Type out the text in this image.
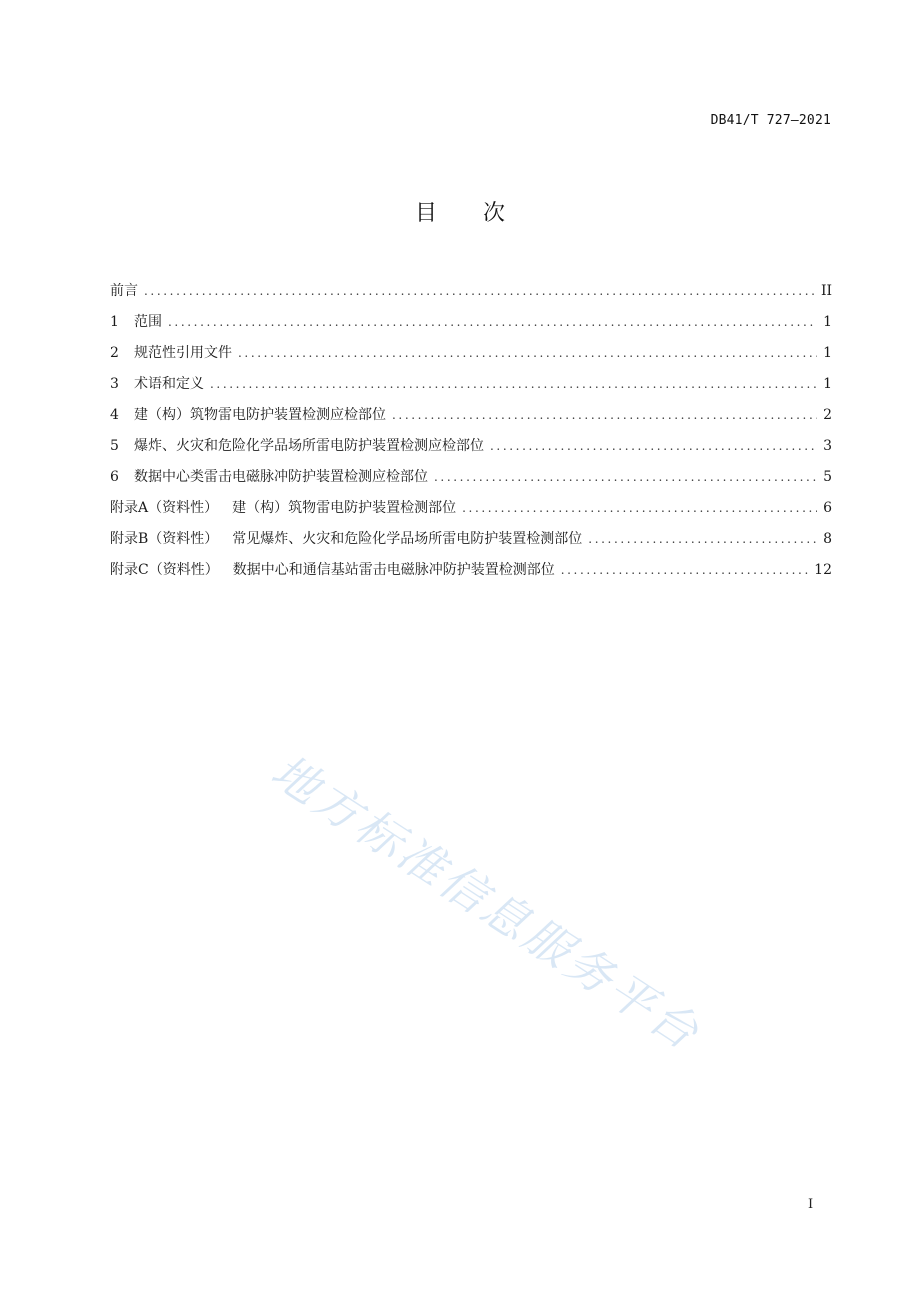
DB41/T 727—2021
目次
前言 .....	II
1	范围 .....	1
2	规范性引用文件 .....	1
3	术语和定义 .....	1
4	建（构）筑物雷电防护装置检测应检部位 .....	2
5	爆炸、火灾和危险化学品场所雷电防护装置检测应检部位 .....	3
6	数据中心类雷击电磁脉冲防护装置检测应检部位 .....	5
附录A（资料性） 建（构）筑物雷电防护装置检测部位 .....	6
附录B（资料性） 常见爆炸、火灾和危险化学品场所雷电防护装置检测部位 .....	8
附录C（资料性） 数据中心和通信基站雷击电磁脉冲防护装置检测部位 .....	12
地方标准信息服务平台
I
